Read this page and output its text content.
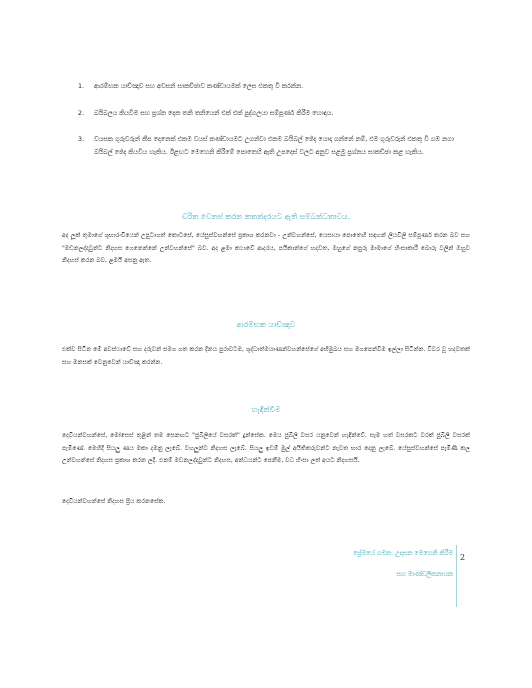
1.	ආරම්භක යාච්ඤාව සහ අවසන් සාකච්ඡාව කණ්ඩායමක් ලෙස එකතු වී කරන්න.
2.	බයිබලය කියවීම සහ ප්‍රශ්න දෙක තනි තනියෙන් එක් එක් පුද්ගලයා සම්පූර්ණ කිරීම හොඳය.
3.	වයසක ගුරුවරුන් කීප දෙනෙක් එකම වයස් කණ්ඩායමට උගන්වා එකම බයිබල් ඡේද යොදා ගන්නේ නම්, එම ගුරුවරුන් එකතු වී ගඹ නගා බයිබල් ඡේද කියවිය හැකිය. ඊළඟට මෙහෙනි කිරීමේ පොතෙහි ඇති උපදෙස් වලට අනුව සළමු ප්‍රශ්නය සාකච්ඡා කළ හැකිය.
චරිත වෙනස් කරන කතන්දරයට ඇති සම්බන්ධතාවය.

අද ලූක් තුමාගේ ශුභාරංචියෙන් උපුටාගත් කොටසේ, යේසුස්වහන්සේ ප්‍රකාශ කරනවා - උන්වහන්සේ, යෙසායා පොතෙහි සඳහන් ලියවිලි සම්පූර්ණ කරන බව සහ "මඩනලද්දාවුන්ට නිදහස ගෙනෙන්නේ උන්වහන්සේ" බව. අද ළමා කථාවේ ආදරය, පයිකාන්ගේ හදවත, ඔහුගේ නපුරු මාමාගේ හිංසාකාරී බොරු වලින් ඔහුව නිදහස් කරන බව, ළමයි අසනු ඇත.

ආරම්භක යාච්ඤාව

එක්ව සිටින මේ අවස්ථාවේ සහ දරුවන් සමග ගත කරන දිනය පුරාවටම, ශුද්ධාත්මයාණන්වහන්සේගේ අභිමුඛය සහ මගපෙන්වීම ඉල්ලා සිටින්න. විවර වූ හදවතක් සහ මනසක් වෙනුවෙන් යාච්ඤා කරන්න.

හැඳින්වීම

දෙවියන්වහන්සේ, මෝසෙස් තුළින් තම සෙනඟට "ජුබිලියේ වසරක්" දුන්සේක. මෙය ජුබිලි වසර යනුවෙන් හැඳින්වේ. සෑම හත් වසරකට වරක් ජුබිලි වසරක් පැමිණේ. මෙහිදී සියලු ණය මකා දමනු ලැබේ. වහලුන්ව නිදහස ලැබේ. සියලු ඉඩම් මුල් අයිතිකරුවන්ට නැවත භාර දෙනු ලැබේ. යේසුස්වහන්සේ පැමිණි කල උන්වහන්සේ නිදහස ප්‍රකාශ කරන ලදී. එනම් මඩනලද්දාවුන්ට නිදහස, අන්ධයන්ට පෙනීම, වධ හිංසා ලත් අයට නිදහසයි.

දෙවියන්වහන්සේ නිදහස ප්‍රිය කරනසේක.

ප්‍රේමයේ ගමන: උදාසන මෙහෙනි කිරීම
සහ මාණ්ඩලිකනායක
2
